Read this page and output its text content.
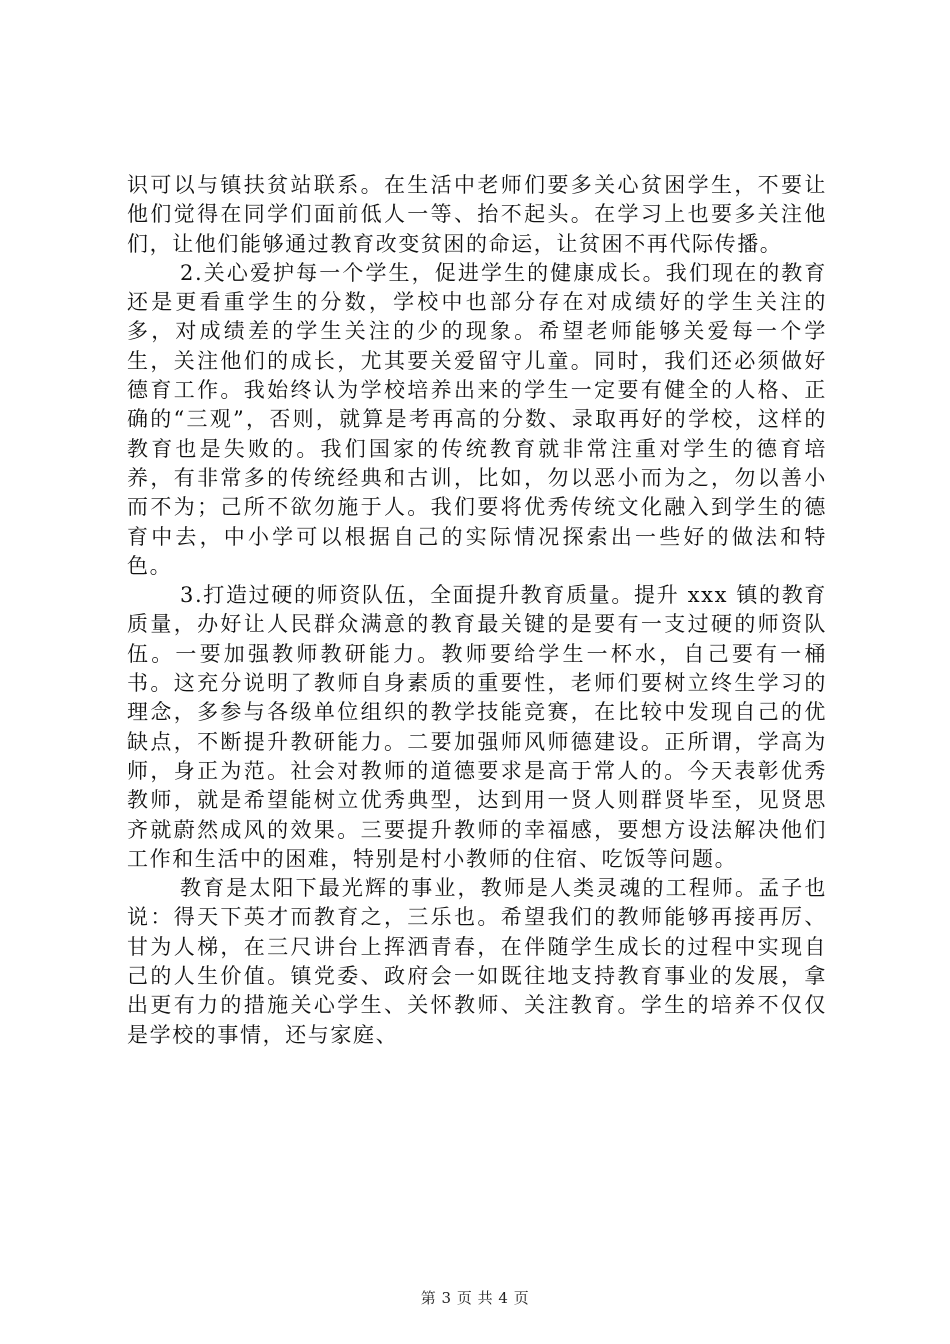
识可以与镇扶贫站联系。在生活中老师们要多关心贫困学生，不要让他们觉得在同学们面前低人一等、抬不起头。在学习上也要多关注他们，让他们能够通过教育改变贫困的命运，让贫困不再代际传播。

2.关心爱护每一个学生，促进学生的健康成长。我们现在的教育还是更看重学生的分数，学校中也部分存在对成绩好的学生关注的多，对成绩差的学生关注的少的现象。希望老师能够关爱每一个学生，关注他们的成长，尤其要关爱留守儿童。同时，我们还必须做好德育工作。我始终认为学校培养出来的学生一定要有健全的人格、正确的“三观”，否则，就算是考再高的分数、录取再好的学校，这样的教育也是失败的。我们国家的传统教育就非常注重对学生的德育培养，有非常多的传统经典和古训，比如，勿以恶小而为之，勿以善小而不为；己所不欲勿施于人。我们要将优秀传统文化融入到学生的德育中去，中小学可以根据自己的实际情况探索出一些好的做法和特色。

3.打造过硬的师资队伍，全面提升教育质量。提升 xxx 镇的教育质量，办好让人民群众满意的教育最关键的是要有一支过硬的师资队伍。一要加强教师教研能力。教师要给学生一杯水，自己要有一桶书。这充分说明了教师自身素质的重要性，老师们要树立终生学习的理念，多参与各级单位组织的教学技能竞赛，在比较中发现自己的优缺点，不断提升教研能力。二要加强师风师德建设。正所谓，学高为师，身正为范。社会对教师的道德要求是高于常人的。今天表彰优秀教师，就是希望能树立优秀典型，达到用一贤人则群贤毕至，见贤思齐就蔚然成风的效果。三要提升教师的幸福感，要想方设法解决他们工作和生活中的困难，特别是村小教师的住宿、吃饭等问题。

教育是太阳下最光辉的事业，教师是人类灵魂的工程师。孟子也说：得天下英才而教育之，三乐也。希望我们的教师能够再接再厉、甘为人梯，在三尺讲台上挥洒青春，在伴随学生成长的过程中实现自己的人生价值。镇党委、政府会一如既往地支持教育事业的发展，拿出更有力的措施关心学生、关怀教师、关注教育。学生的培养不仅仅是学校的事情，还与家庭、

第 3 页 共 4 页
